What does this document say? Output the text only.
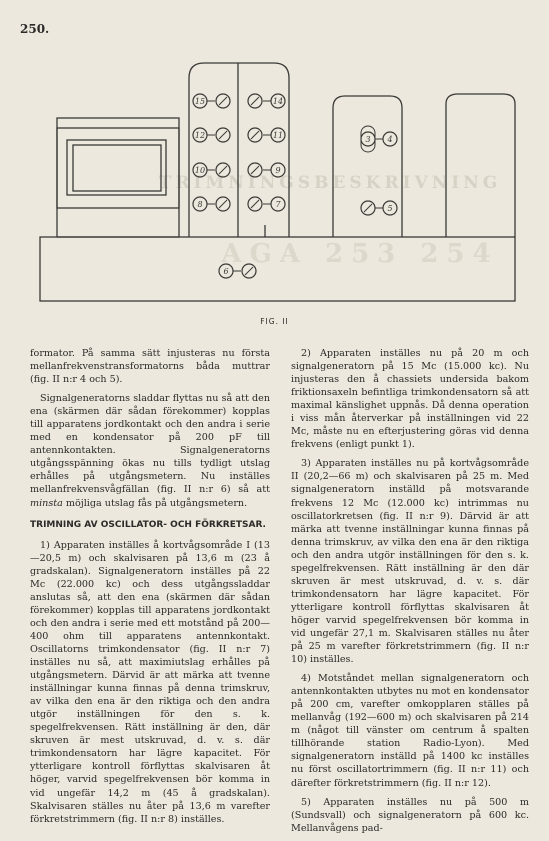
250.
TRIMNINGSBESKRIVNING
AGA 253 254
15	14
12	11
10	9
8	7
3 4
5
6
FIG. II

formator. På samma sätt injusteras nu första mellanfrekvenstransformatorns båda muttrar (fig. II n:r 4 och 5).

Signalgeneratorns sladdar flyttas nu så att den ena (skärmen där sådan förekommer) kopplas till apparatens jordkontakt och den andra i serie med en kondensator på 200 pF till antennkontakten. Signalgeneratorns utgångsspänning ökas nu tills tydligt utslag erhålles på utgångsmetern. Nu inställes mellanfrekvensvågfällan (fig. II n:r 6) så att minsta möjliga utslag fås på utgångsmetern.

TRIMNING AV OSCILLATOR- OCH FÖRKRETSAR.

1) Apparaten inställes å kortvågsområde I (13—20,5 m) och skalvisaren på 13,6 m (23 å gradskalan). Signalgeneratorn inställes på 22 Mc (22.000 kc) och dess utgångssladdar anslutas så, att den ena (skärmen där sådan förekommer) kopplas till apparatens jordkontakt och den andra i serie med ett motstånd på 200—400 ohm till apparatens antennkontakt. Oscillatorns trimkondensator (fig. II n:r 7) inställes nu så, att maximiutslag erhålles på utgångsmetern. Därvid är att märka att tvenne inställningar kunna finnas på denna trimskruv, av vilka den ena är den riktiga och den andra utgör inställningen för den s. k. spegelfrekvensen. Rätt inställning är den, där skruven är mest utskruvad, d. v. s. där trimkondensatorn har lägre kapacitet. För ytterligare kontroll förflyttas skalvisaren åt höger, varvid spegelfrekvensen bör komma in vid ungefär 14,2 m (45 å gradskalan). Skalvisaren ställes nu åter på 13,6 m varefter förkretstrimmern (fig. II n:r 8) inställes.

2) Apparaten inställes nu på 20 m och signalgeneratorn på 15 Mc (15.000 kc). Nu injusteras den å chassiets undersida bakom friktionsaxeln befintliga trimkondensatorn så att maximal känslighet uppnås. Då denna operation i viss mån återverkar på inställningen vid 22 Mc, måste nu en efterjustering göras vid denna frekvens (enligt punkt 1).

3) Apparaten inställes nu på kortvågsområde II (20,2—66 m) och skalvisaren på 25 m. Med signalgeneratorn inställd på motsvarande frekvens 12 Mc (12.000 kc) intrimmas nu oscillatorkretsen (fig. II n:r 9). Därvid är att märka att tvenne inställningar kunna finnas på denna trimskruv, av vilka den ena är den riktiga och den andra utgör inställningen för den s. k. spegelfrekvensen. Rätt inställning är den där skruven är mest utskruvad, d. v. s. där trimkondensatorn har lägre kapacitet. För ytterligare kontroll förflyttas skalvisaren åt höger varvid spegelfrekvensen bör komma in vid ungefär 27,1 m. Skalvisaren ställes nu åter på 25 m varefter förkretstrimmern (fig. II n:r 10) inställes.

4) Motståndet mellan signalgeneratorn och antennkontakten utbytes nu mot en kondensator på 200 cm, varefter omkopplaren ställes på mellanvåg (192—600 m) och skalvisaren på 214 m (något till vänster om centrum å spalten tillhörande station Radio-Lyon). Med signalgeneratorn inställd på 1400 kc inställes nu först oscillatortrimmern (fig. II n:r 11) och därefter förkretstrimmern (fig. II n:r 12).

5) Apparaten inställes nu på 500 m (Sundsvall) och signalgeneratorn på 600 kc. Mellanvågens pad-
